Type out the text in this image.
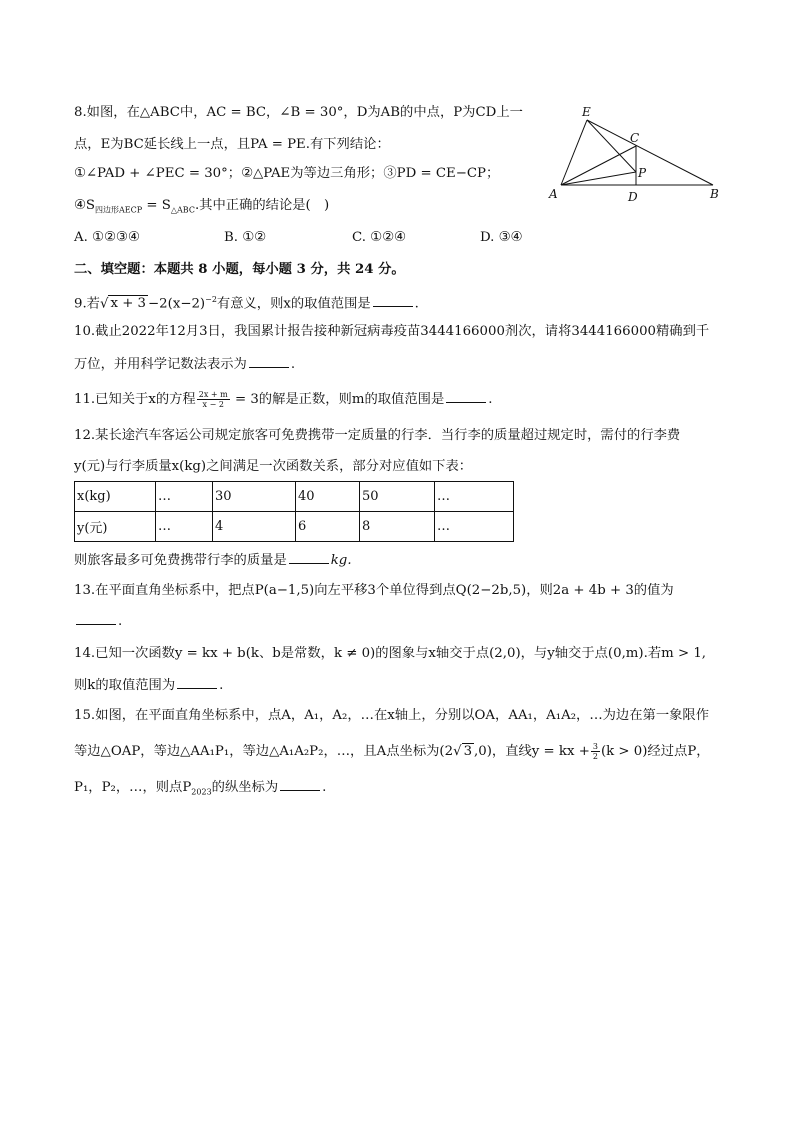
8.如图，在△ABC中，AC = BC，∠B = 30°，D为AB的中点，P为CD上一
点，E为BC延长线上一点，且PA = PE.有下列结论：
①∠PAD + ∠PEC = 30°；②△PAE为等边三角形；③PD = CE−CP；
$④S_{四边形AECP} = S_{\triangle ABC}$.其中正确的结论是(　)
A. ①②③④	B. ①②	C. ①②④	D. ③④
E
C
P
A	D	B
二、填空题：本题共 8 小题，每小题 3 分，共 24 分。
9.若√ $x + 3 -2(x-2)^{-2}$有意义，则x的取值范围是	.
10.截止2022年12月3日，我国累计报告接种新冠病毒疫苗3444166000剂次，请将3444166000精确到千
万位，并用科学记数法表示为	.
11.已知关于x的方程 $\frac{2x + m}{x - 2} = 3$的解是正数，则m的取值范围是	.
12.某长途汽车客运公司规定旅客可免费携带一定质量的行李．当行李的质量超过规定时，需付的行李费
y(元)与行李质量x(kg)之间满足一次函数关系，部分对应值如下表：
x(kg)	…	30	40	50	…
y(元)	…	4	6	8	…
则旅客最多可免费携带行李的质量是	kg.
13.在平面直角坐标系中，把点P(a−1,5)向左平移3个单位得到点Q(2−2b,5)，则2a + 4b + 3的值为
.
14.已知一次函数y = kx + b(k、b是常数，k ≠ 0)的图象与x轴交于点(2,0)，与y轴交于点(0,m).若m > 1,
则k的取值范围为	.
15.如图，在平面直角坐标系中，点A，A₁，A₂，…在x轴上，分别以OA，AA₁，A₁A₂，…为边在第一象限作
等边△OAP，等边△AA₁P₁，等边△A₁A₂P₂，…，且A点坐标为(2√ 3 ,0)，直线y = kx + $\frac{3}{2} (k > 0)$经过点P，
P₁，P₂，…，则点$P_{2023}$的纵坐标为	.
